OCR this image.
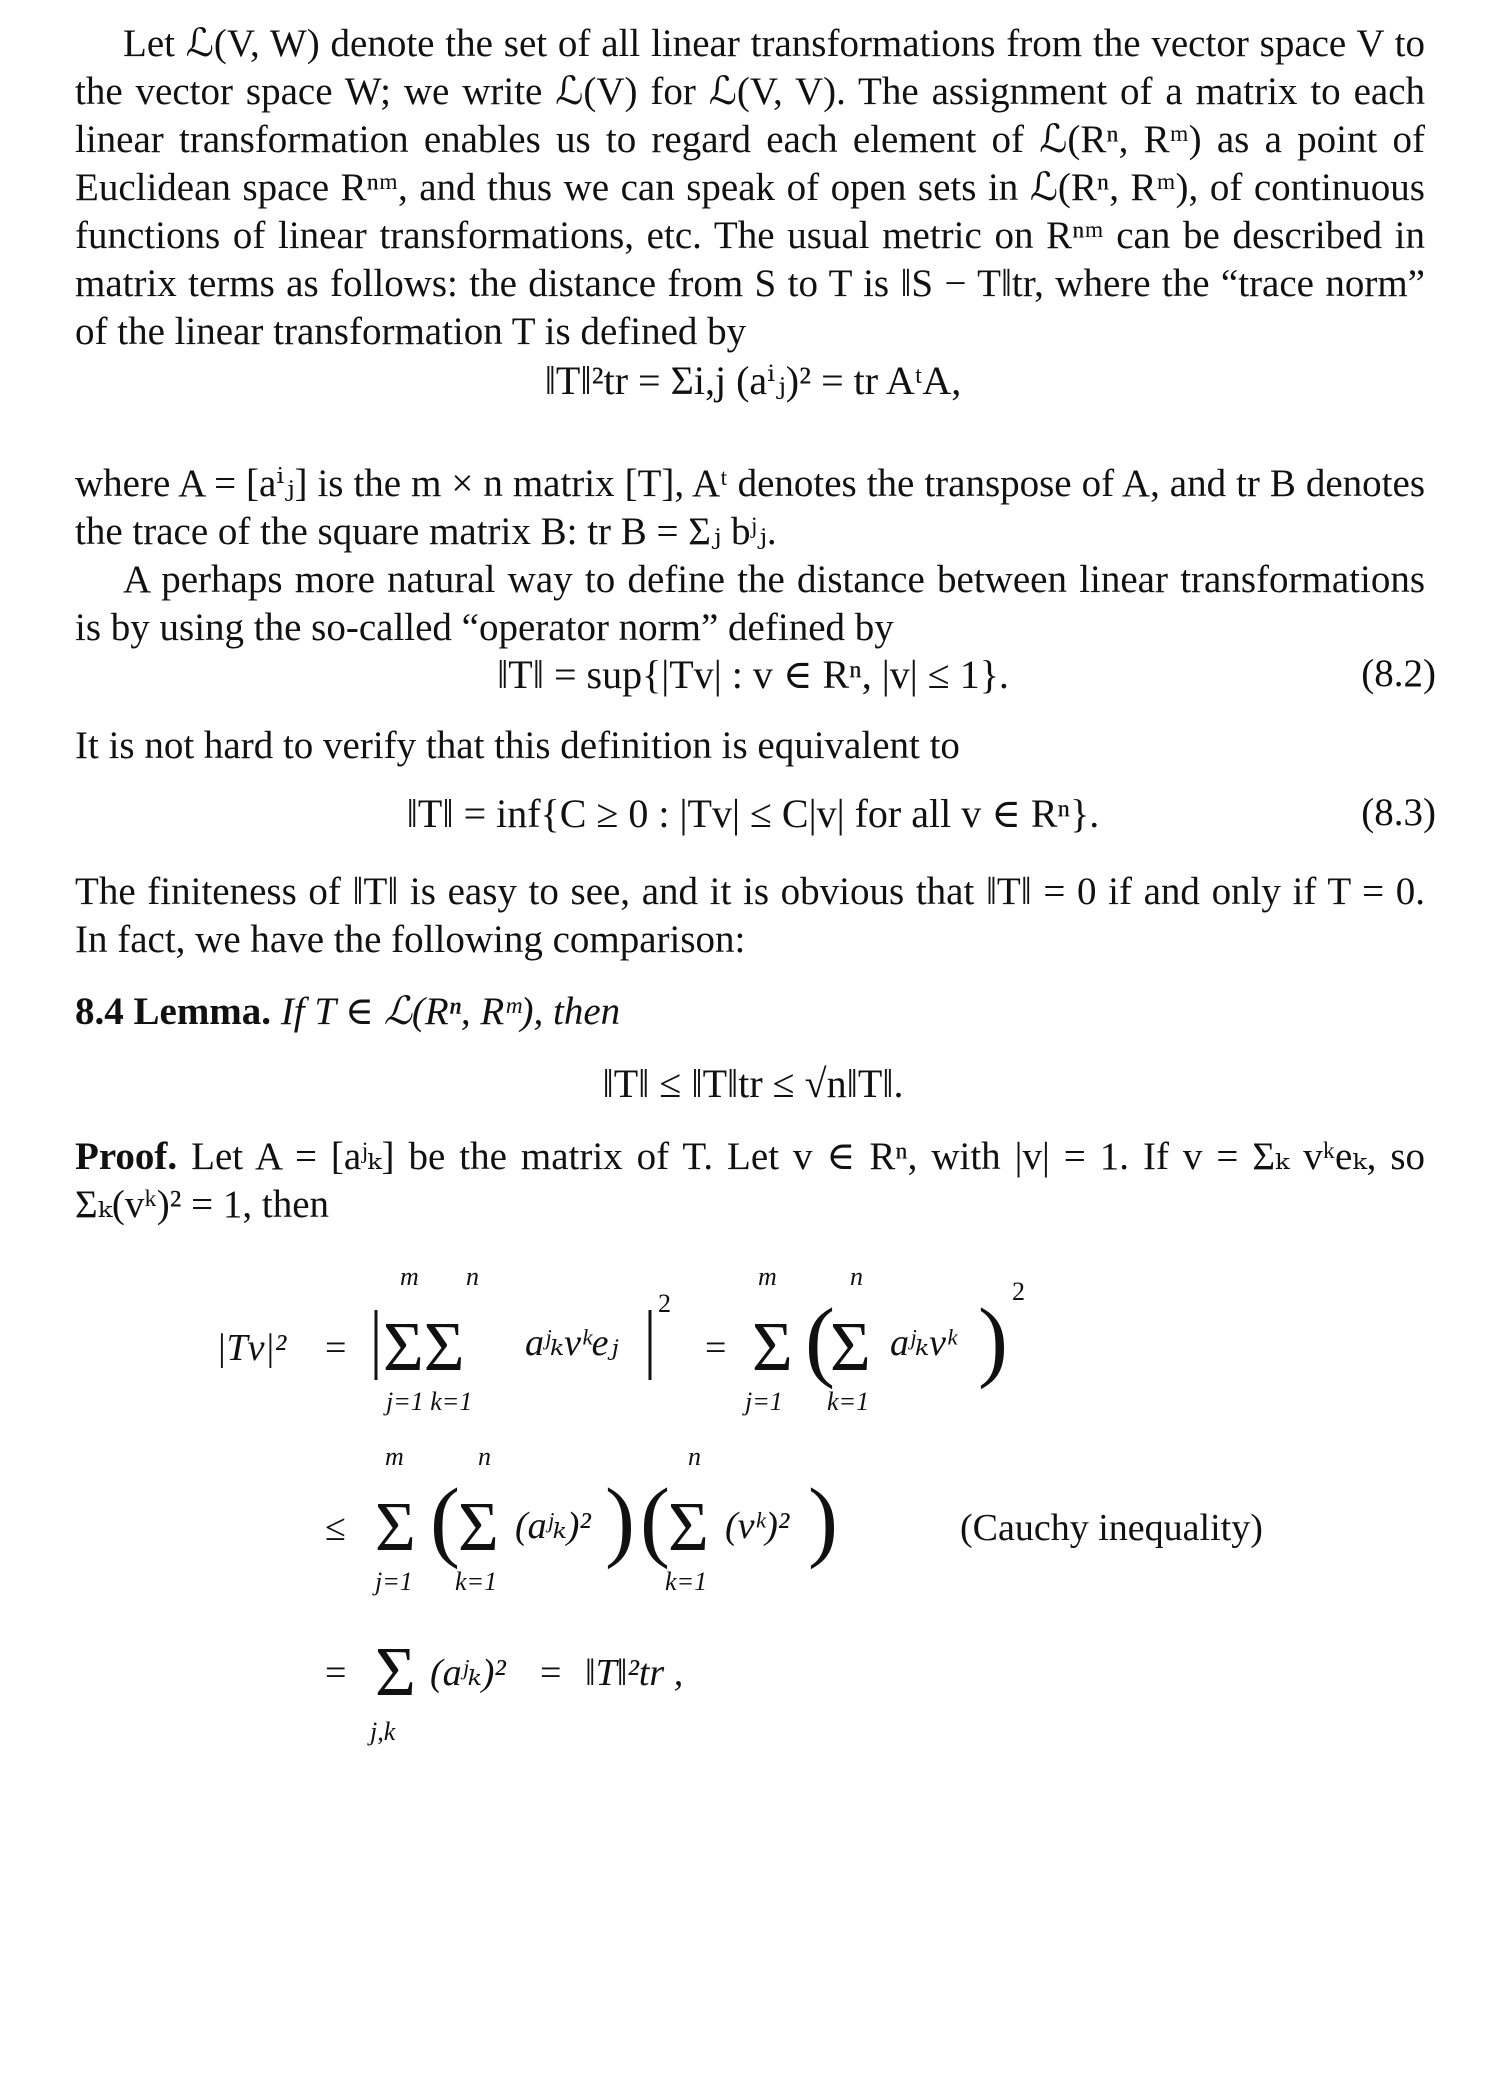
Let ℒ(V, W) denote the set of all linear transformations from the vector space V to the vector space W; we write ℒ(V) for ℒ(V, V). The assignment of a matrix to each linear transformation enables us to regard each element of ℒ(Rⁿ, Rᵐ) as a point of Euclidean space Rⁿᵐ, and thus we can speak of open sets in ℒ(Rⁿ, Rᵐ), of continuous functions of linear transformations, etc. The usual metric on Rⁿᵐ can be described in matrix terms as follows: the distance from S to T is ‖S − T‖tr, where the “trace norm” of the linear transformation T is defined by
‖T‖²tr = Σi,j (aⁱⱼ)² = tr AᵗA,
where A = [aⁱⱼ] is the m × n matrix [T], Aᵗ denotes the transpose of A, and tr B denotes the trace of the square matrix B: tr B = Σⱼ bʲⱼ.
A perhaps more natural way to define the distance between linear transformations is by using the so-called “operator norm” defined by
‖T‖ = sup{|Tv| : v ∈ Rⁿ, |v| ≤ 1}.	(8.2)
It is not hard to verify that this definition is equivalent to
‖T‖ = inf{C ≥ 0 : |Tv| ≤ C|v| for all v ∈ Rⁿ}.	(8.3)
The finiteness of ‖T‖ is easy to see, and it is obvious that ‖T‖ = 0 if and only if T = 0. In fact, we have the following comparison:
8.4 Lemma. If T ∈ ℒ(Rⁿ, Rᵐ), then
‖T‖ ≤ ‖T‖tr ≤ √n‖T‖.
Proof. Let A = [aʲₖ] be the matrix of T. Let v ∈ Rⁿ, with |v| = 1. If v = Σₖ vᵏeₖ, so Σₖ(vᵏ)² = 1, then
|Tv|² = ΣΣ
m n
j=1 k=1
aʲₖvᵏeⱼ
2
= Σ
m
j=1
(
Σ
n
k=1
aʲₖvᵏ ) 2
≤ Σ
m
j=1
(
Σ
n
k=1
(aʲₖ)² ) (
Σ
n
k=1
(vᵏ)² )	(Cauchy inequality)
= Σ
j,k
(aʲₖ)² = ‖T‖²tr ,
